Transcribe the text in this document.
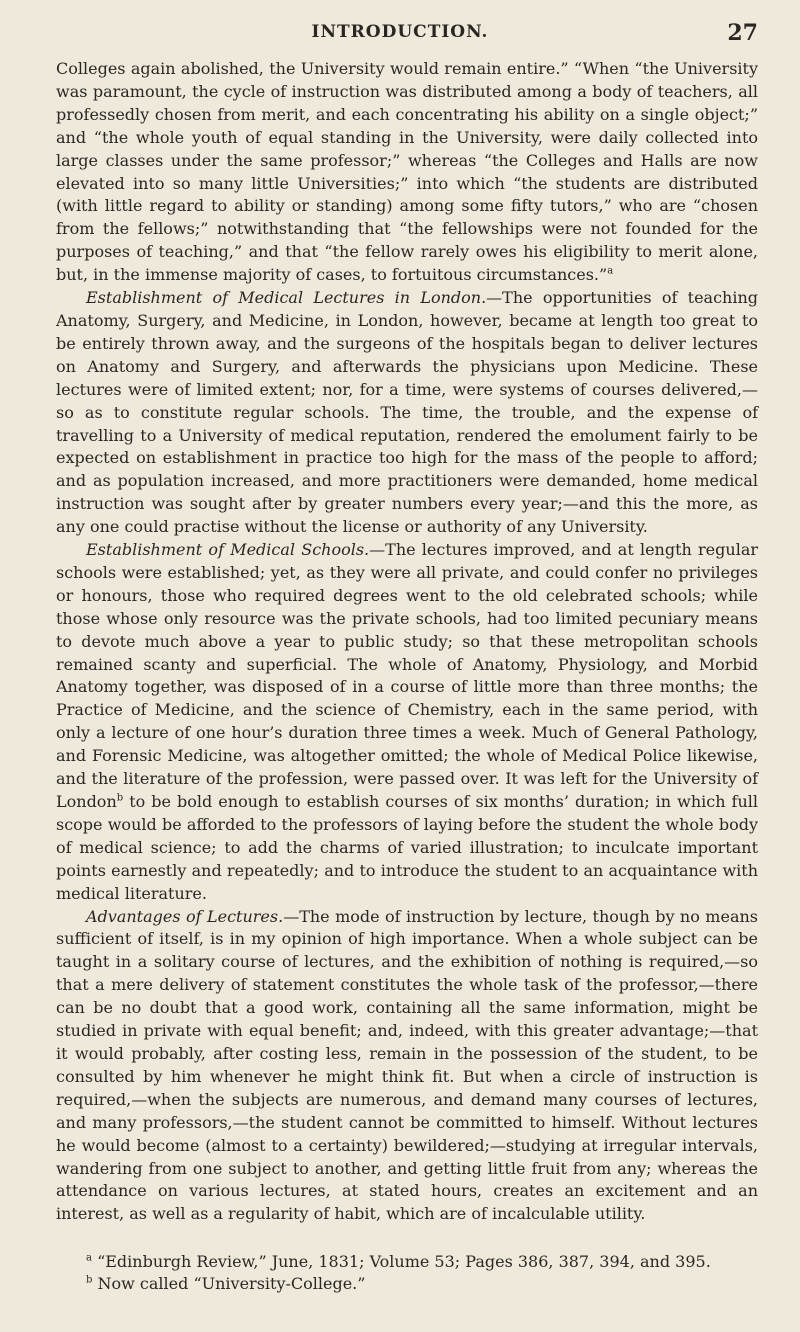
INTRODUCTION.	27

Colleges again abolished, the University would remain entire.” “When “the University was paramount, the cycle of instruction was distributed among a body of teachers, all professedly chosen from merit, and each concentrating his ability on a single object;” and “the whole youth of equal standing in the University, were daily collected into large classes under the same professor;” whereas “the Colleges and Halls are now elevated into so many little Universities;” into which “the students are distributed (with little regard to ability or standing) among some fifty tutors,” who are “chosen from the fellows;” notwithstanding that “the fellowships were not founded for the purposes of teaching,” and that “the fellow rarely owes his eligibility to merit alone, but, in the immense majority of cases, to fortuitous circumstances.”$^a$

Establishment of Medical Lectures in London.—The opportunities of teaching Anatomy, Surgery, and Medicine, in London, however, became at length too great to be entirely thrown away, and the surgeons of the hospitals began to deliver lectures on Anatomy and Surgery, and afterwards the physicians upon Medicine. These lectures were of limited extent; nor, for a time, were systems of courses delivered,—so as to constitute regular schools. The time, the trouble, and the expense of travelling to a University of medical reputation, rendered the emolument fairly to be expected on establishment in practice too high for the mass of the people to afford; and as population increased, and more practitioners were demanded, home medical instruction was sought after by greater numbers every year;—and this the more, as any one could practise without the license or authority of any University.

Establishment of Medical Schools.—The lectures improved, and at length regular schools were established; yet, as they were all private, and could confer no privileges or honours, those who required degrees went to the old celebrated schools; while those whose only resource was the private schools, had too limited pecuniary means to devote much above a year to public study; so that these metropolitan schools remained scanty and superficial. The whole of Anatomy, Physiology, and Morbid Anatomy together, was disposed of in a course of little more than three months; the Practice of Medicine, and the science of Chemistry, each in the same period, with only a lecture of one hour’s duration three times a week. Much of General Pathology, and Forensic Medicine, was altogether omitted; the whole of Medical Police likewise, and the literature of the profession, were passed over. It was left for the University of London$^b$ to be bold enough to establish courses of six months’ duration; in which full scope would be afforded to the professors of laying before the student the whole body of medical science; to add the charms of varied illustration; to inculcate important points earnestly and repeatedly; and to introduce the student to an acquaintance with medical literature.

Advantages of Lectures.—The mode of instruction by lecture, though by no means sufficient of itself, is in my opinion of high importance. When a whole subject can be taught in a solitary course of lectures, and the exhibition of nothing is required,—so that a mere delivery of statement constitutes the whole task of the professor,—there can be no doubt that a good work, containing all the same information, might be studied in private with equal benefit; and, indeed, with this greater advantage;—that it would probably, after costing less, remain in the possession of the student, to be consulted by him whenever he might think fit. But when a circle of instruction is required,—when the subjects are numerous, and demand many courses of lectures, and many professors,—the student cannot be committed to himself. Without lectures he would become (almost to a certainty) bewildered;—studying at irregular intervals, wandering from one subject to another, and getting little fruit from any; whereas the attendance on various lectures, at stated hours, creates an excitement and an interest, as well as a regularity of habit, which are of incalculable utility.

$^a$ “Edinburgh Review,” June, 1831; Volume 53; Pages 386, 387, 394, and 395.
$^b$ Now called “University-College.”
